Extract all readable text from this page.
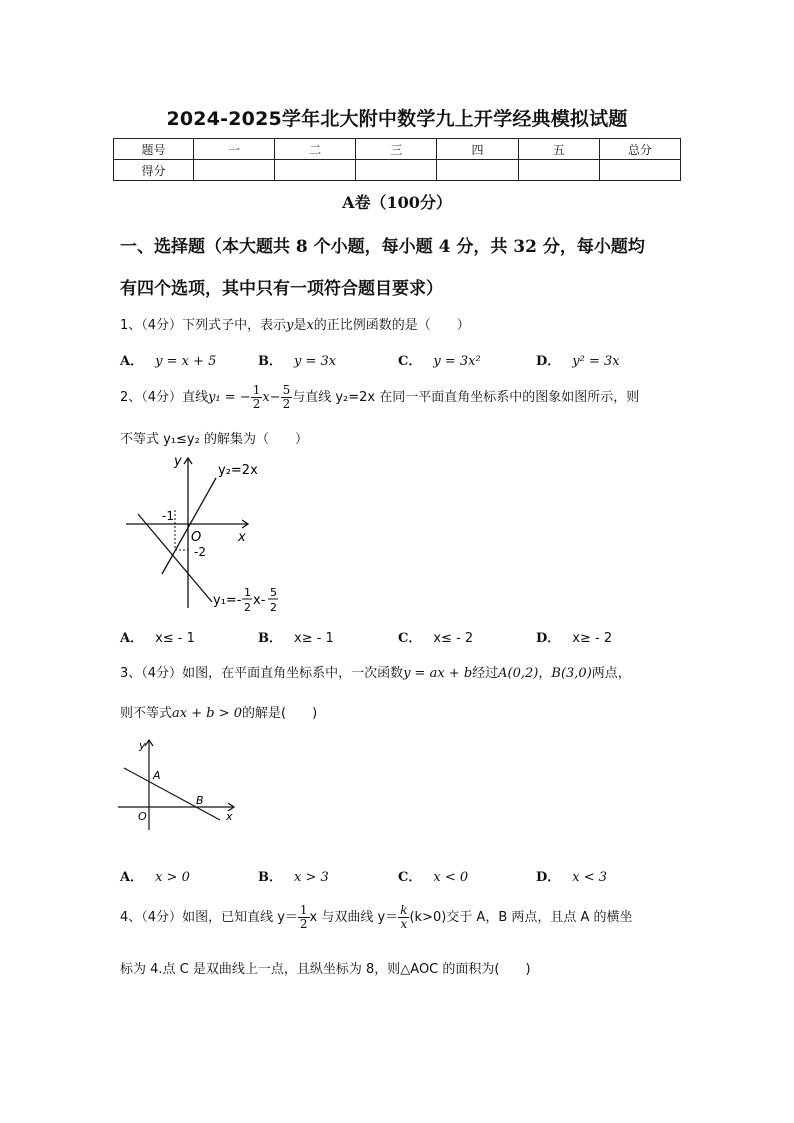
2024-2025学年北大附中数学九上开学经典模拟试题
题号	一	二	三	四	五	总分
得分						
A卷（100分）
一、选择题（本大题共 8 个小题，每小题 4 分，共 32 分，每小题均
有四个选项，其中只有一项符合题目要求）
1、（4分）下列式子中，表示y是x的正比例函数的是（　　）
A． y = x + 5	B． y = 3x	C． y = 3x²	D． y² = 3x
2、（4分）直线y₁ = − $\frac{1}{2} x- \frac{5}{2}$ 与直线 y₂=2x 在同一平面直角坐标系中的图象如图所示，则
不等式 y₁≤y₂ 的解集为（　　）
y
x
O
y₂=2x
-1
-2
y₁=-
1
2 x-
5
2
A． x≤ - 1	B． x≥ - 1	C． x≤ - 2	D． x≥ - 2
3、（4分）如图，在平面直角坐标系中，一次函数y = ax + b经过A(0,2)，B(3,0)两点，
则不等式ax + b > 0的解是(　　)
y
x
O
A
B
A． x > 0	B． x > 3	C． x < 0	D． x < 3
4、（4分）如图，已知直线 $y= \frac{1}{2}$ x 与双曲线 $y= \frac{k}{x} (k>0)$交于 A，B 两点，且点 A 的横坐
标为 4.点 C 是双曲线上一点，且纵坐标为 8，则△AOC 的面积为(　　)
